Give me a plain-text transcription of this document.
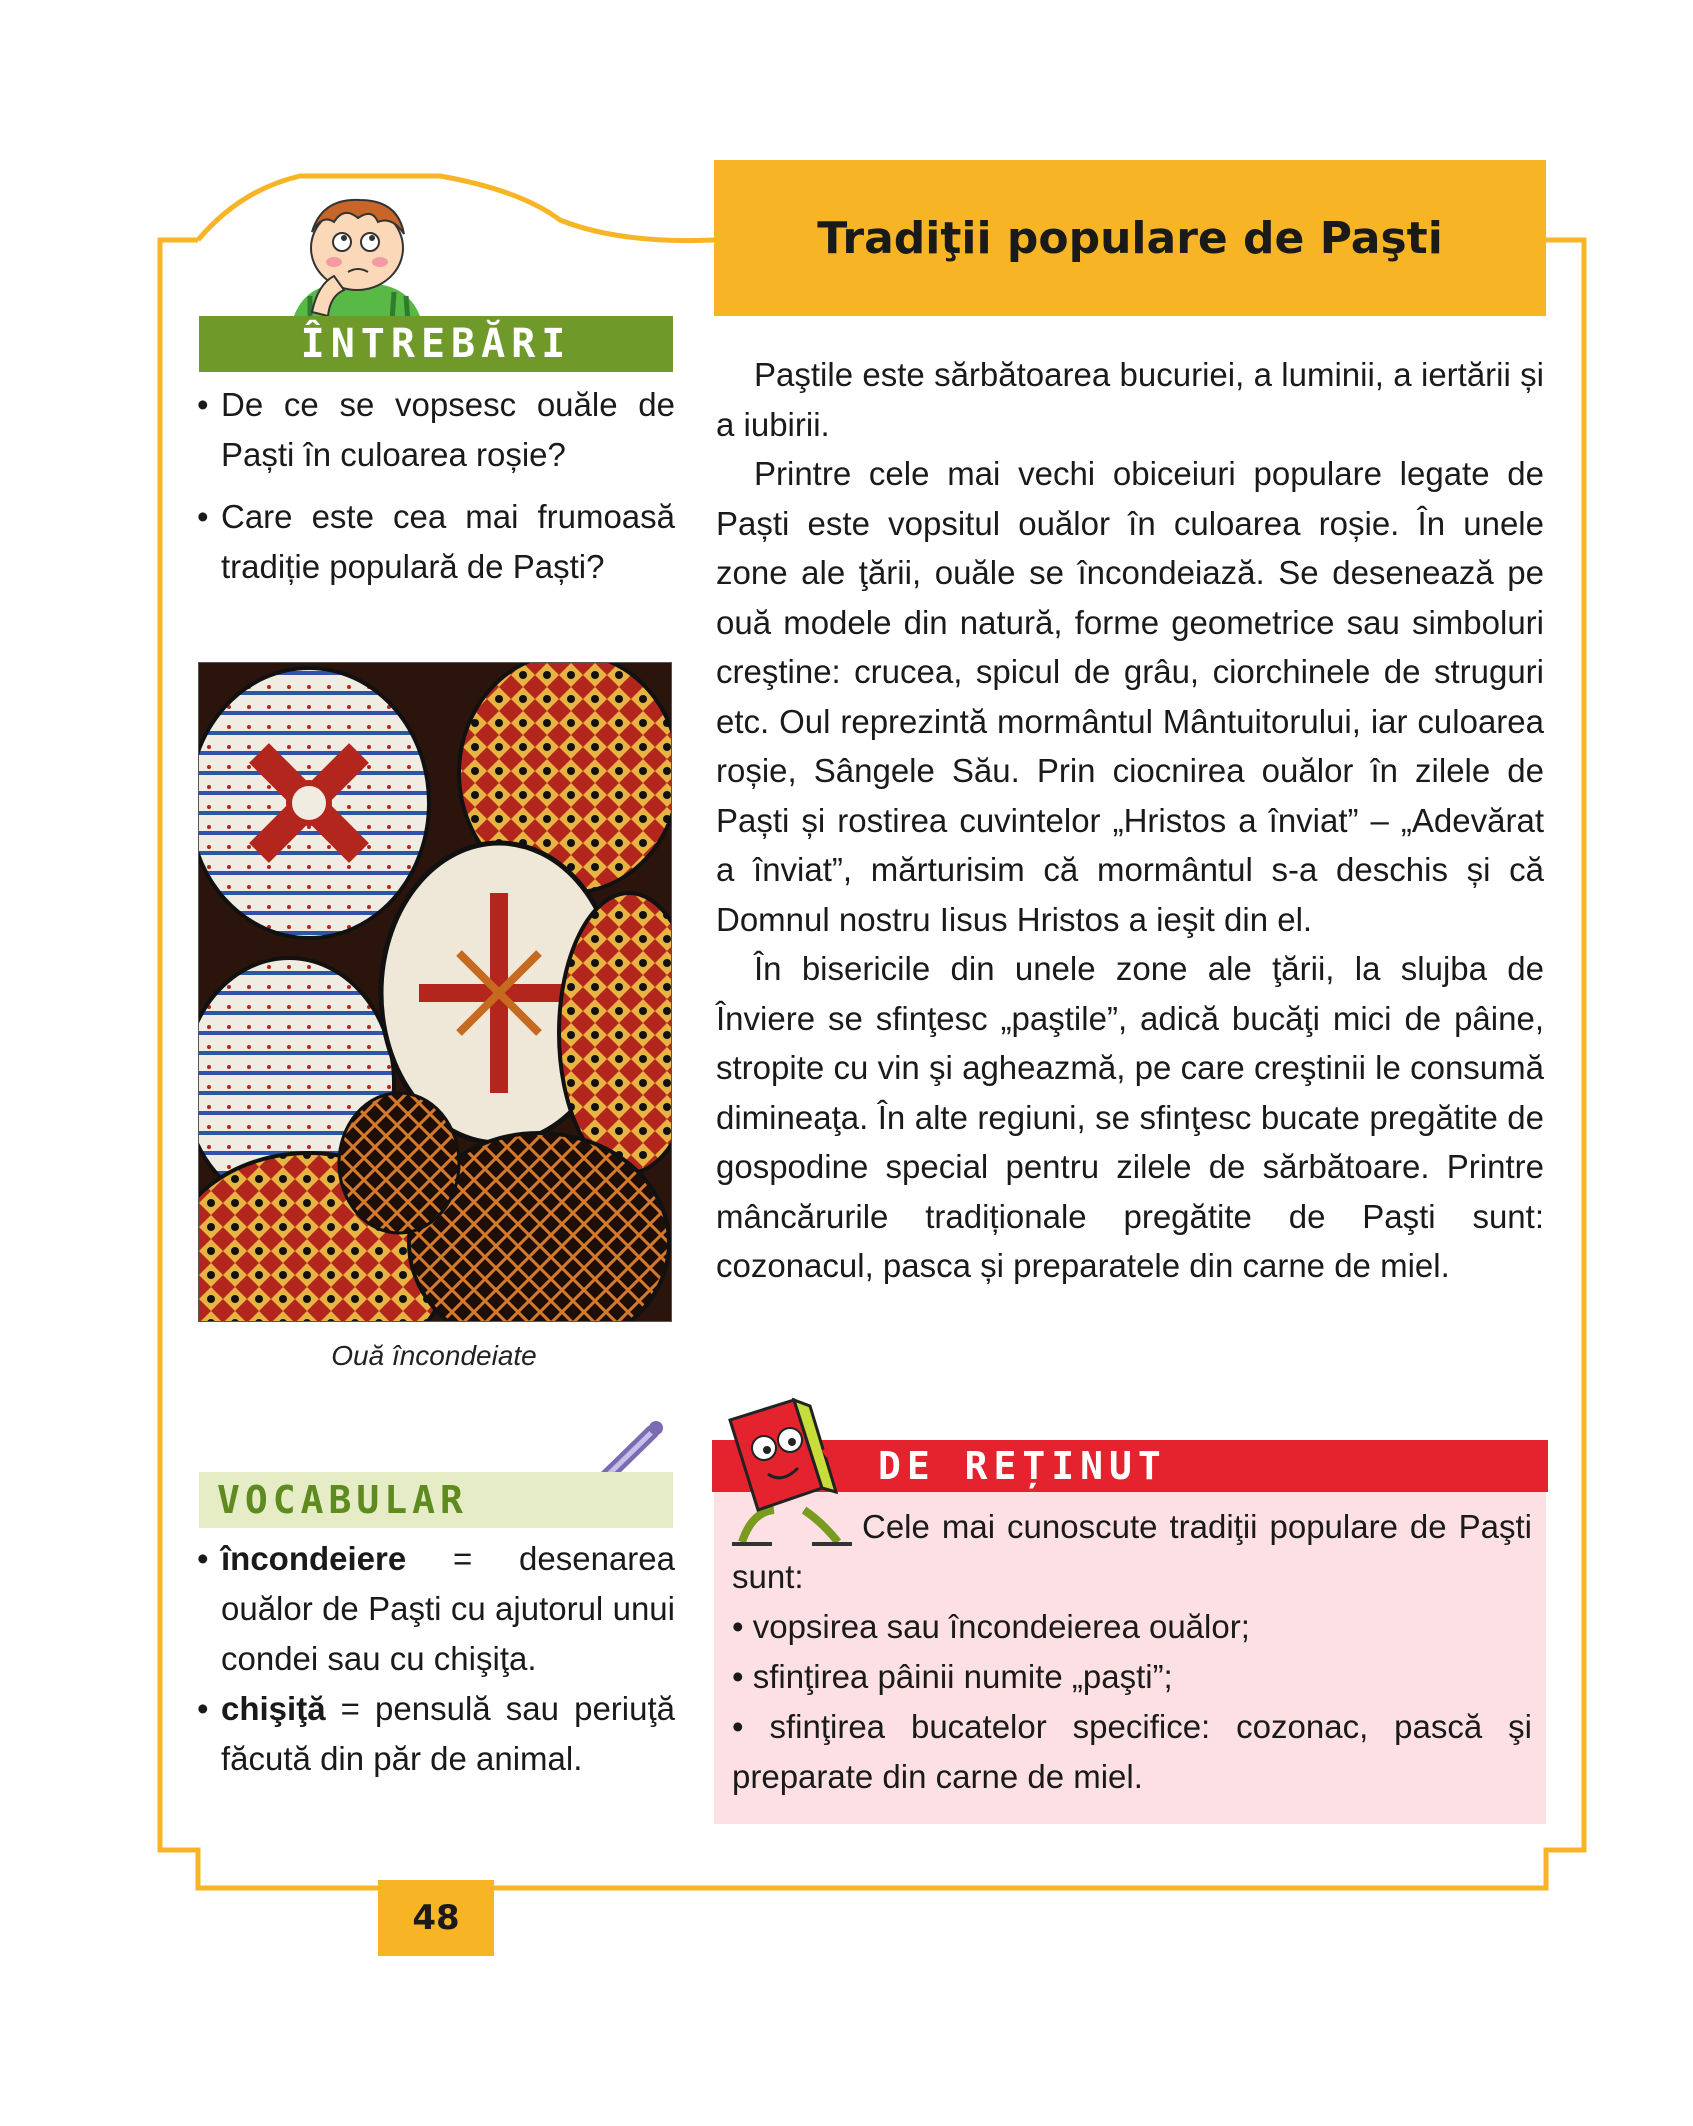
ÎNTREBĂRI
• De ce se vopsesc ouăle de Paști în culoarea roșie?
• Care este cea mai frumoasă tradiție populară de Paști?
Ouă încondeiate
VOCABULAR
• încondeiere = desenarea ouălor de Paşti cu ajutorul unui condei sau cu chişiţa.
• chişiţă = pensulă sau periuţă făcută din păr de animal.
48
Tradiţii populare de Paşti

Paştile este sărbătoarea bucuriei, a luminii, a iertării și a iubirii.

Printre cele mai vechi obiceiuri populare legate de Paști este vopsitul ouălor în culoarea roșie. În unele zone ale ţării, ouăle se încondeiază. Se desenează pe ouă modele din natură, forme geometrice sau simboluri creştine: crucea, spicul de grâu, ciorchinele de struguri etc. Oul reprezintă mormântul Mântuitorului, iar culoarea roșie, Sângele Său. Prin ciocnirea ouălor în zilele de Paști și rostirea cuvintelor „Hristos a înviat” – „Adevărat a înviat”, mărturisim că mormântul s-a deschis și că Domnul nostru Iisus Hristos a ieşit din el.

În bisericile din unele zone ale ţării, la slujba de Înviere se sfinţesc „paştile”, adică bucăţi mici de pâine, stropite cu vin şi agheazmă, pe care creştinii le consumă dimineaţa. În alte regiuni, se sfinţesc bucate pregătite de gospodine special pentru zilele de sărbătoare. Printre mâncărurile tradiționale pregătite de Paşti sunt: cozonacul, pasca și preparatele din carne de miel.

DE REȚINUT

Cele mai cunoscute tradiţii populare de Paşti sunt:

• vopsirea sau încondeierea ouălor;

• sfinţirea pâinii numite „paşti”;

• sfinţirea bucatelor specifice: cozonac, pască şi preparate din carne de miel.
